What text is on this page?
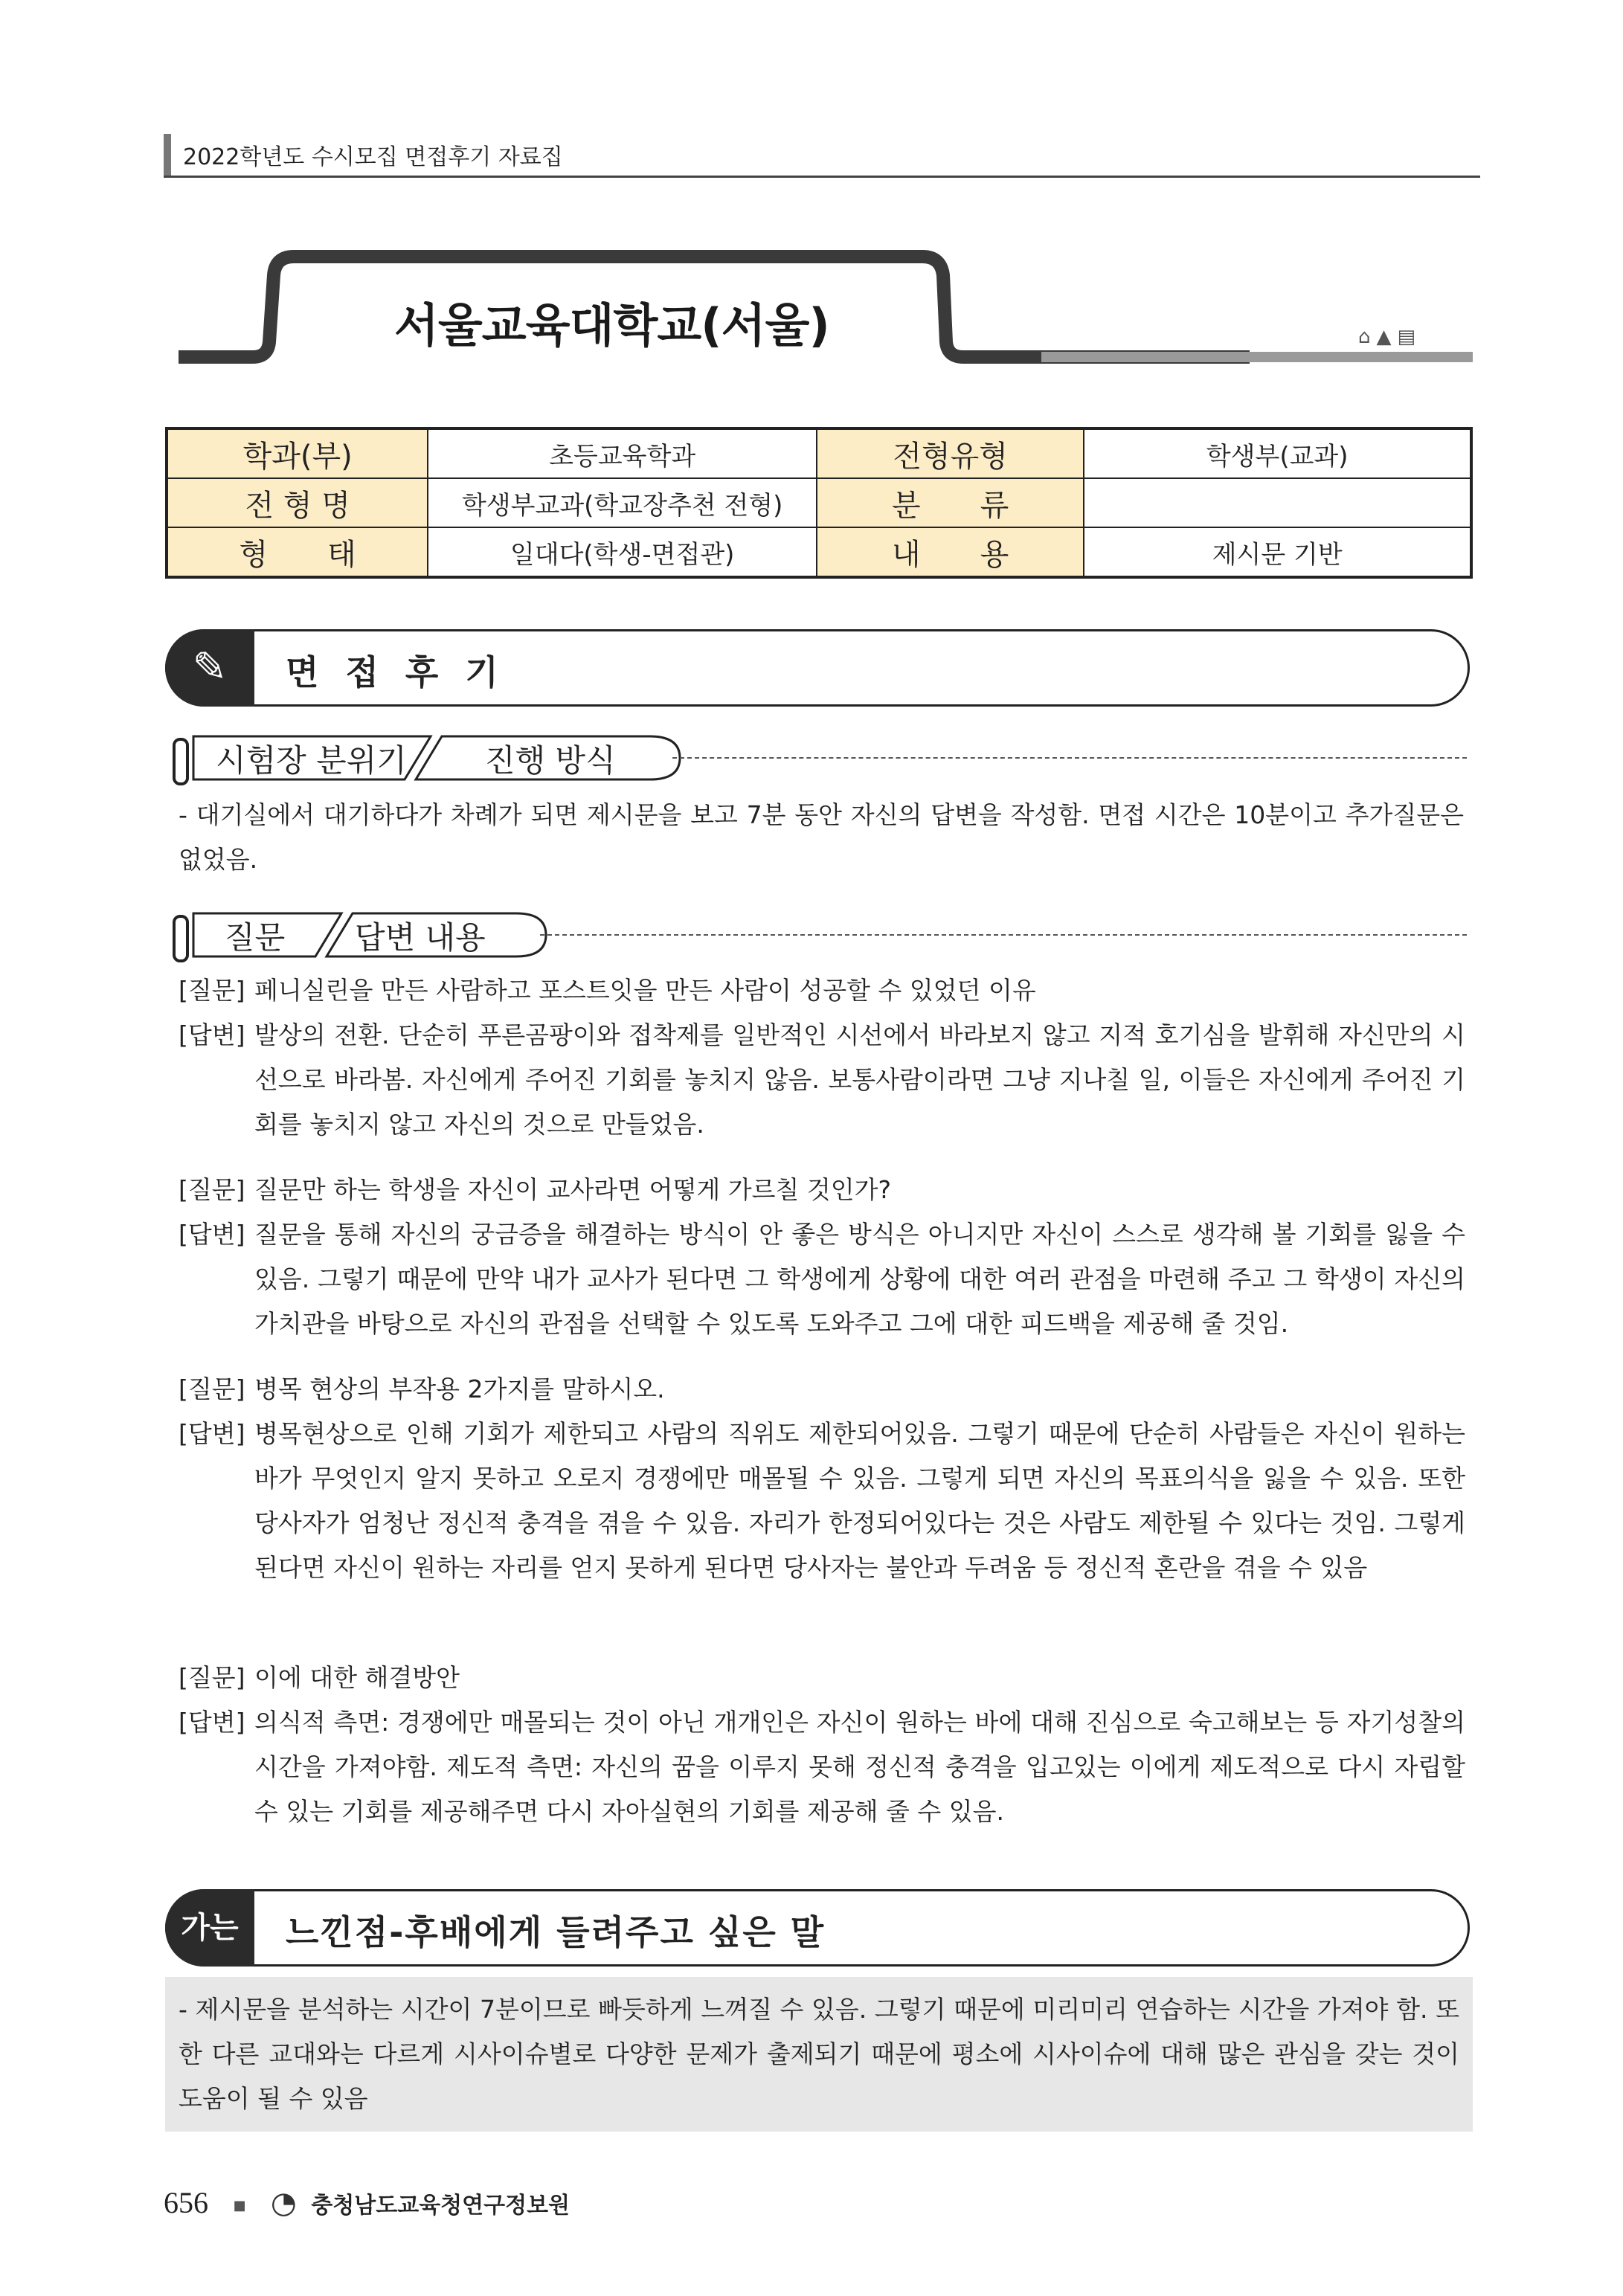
2022학년도 수시모집 면접후기 자료집
서울교육대학교(서울)	⌂▲▤
학과(부)	초등교육학과	전형유형	학생부(교과)
전 형 명	학생부교과(학교장추천 전형)	분　　류	
형　　태	일대다(학생-면접관)	내　　용	제시문 기반
✎	면 접 후 기
시험장 분위기	진행 방식
- 대기실에서 대기하다가 차례가 되면 제시문을 보고 7분 동안 자신의 답변을 작성함. 면접 시간은 10분이고 추가질문은 없었음.
질문 답변 내용
[질문] 페니실린을 만든 사람하고 포스트잇을 만든 사람이 성공할 수 있었던 이유
[답변] 발상의 전환. 단순히 푸른곰팡이와 접착제를 일반적인 시선에서 바라보지 않고 지적 호기심을 발휘해 자신만의 시선으로 바라봄. 자신에게 주어진 기회를 놓치지 않음. 보통사람이라면 그냥 지나칠 일, 이들은 자신에게 주어진 기회를 놓치지 않고 자신의 것으로 만들었음.
[질문] 질문만 하는 학생을 자신이 교사라면 어떻게 가르칠 것인가?
[답변] 질문을 통해 자신의 궁금증을 해결하는 방식이 안 좋은 방식은 아니지만 자신이 스스로 생각해 볼 기회를 잃을 수 있음. 그렇기 때문에 만약 내가 교사가 된다면 그 학생에게 상황에 대한 여러 관점을 마련해 주고 그 학생이 자신의 가치관을 바탕으로 자신의 관점을 선택할 수 있도록 도와주고 그에 대한 피드백을 제공해 줄 것임.
[질문] 병목 현상의 부작용 2가지를 말하시오.
[답변] 병목현상으로 인해 기회가 제한되고 사람의 직위도 제한되어있음. 그렇기 때문에 단순히 사람들은 자신이 원하는 바가 무엇인지 알지 못하고 오로지 경쟁에만 매몰될 수 있음. 그렇게 되면 자신의 목표의식을 잃을 수 있음. 또한 당사자가 엄청난 정신적 충격을 겪을 수 있음. 자리가 한정되어있다는 것은 사람도 제한될 수 있다는 것임. 그렇게 된다면 자신이 원하는 자리를 얻지 못하게 된다면 당사자는 불안과 두려움 등 정신적 혼란을 겪을 수 있음
[질문] 이에 대한 해결방안
[답변] 의식적 측면: 경쟁에만 매몰되는 것이 아닌 개개인은 자신이 원하는 바에 대해 진심으로 숙고해보는 등 자기성찰의 시간을 가져야함. 제도적 측면: 자신의 꿈을 이루지 못해 정신적 충격을 입고있는 이에게 제도적으로 다시 자립할 수 있는 기회를 제공해주면 다시 자아실현의 기회를 제공해 줄 수 있음.
가는	느낀점-후배에게 들려주고 싶은 말
- 제시문을 분석하는 시간이 7분이므로 빠듯하게 느껴질 수 있음. 그렇기 때문에 미리미리 연습하는 시간을 가져야 함. 또한 다른 교대와는 다르게 시사이슈별로 다양한 문제가 출제되기 때문에 평소에 시사이슈에 대해 많은 관심을 갖는 것이 도움이 될 수 있음
656 ■ ◔ 충청남도교육청연구정보원
